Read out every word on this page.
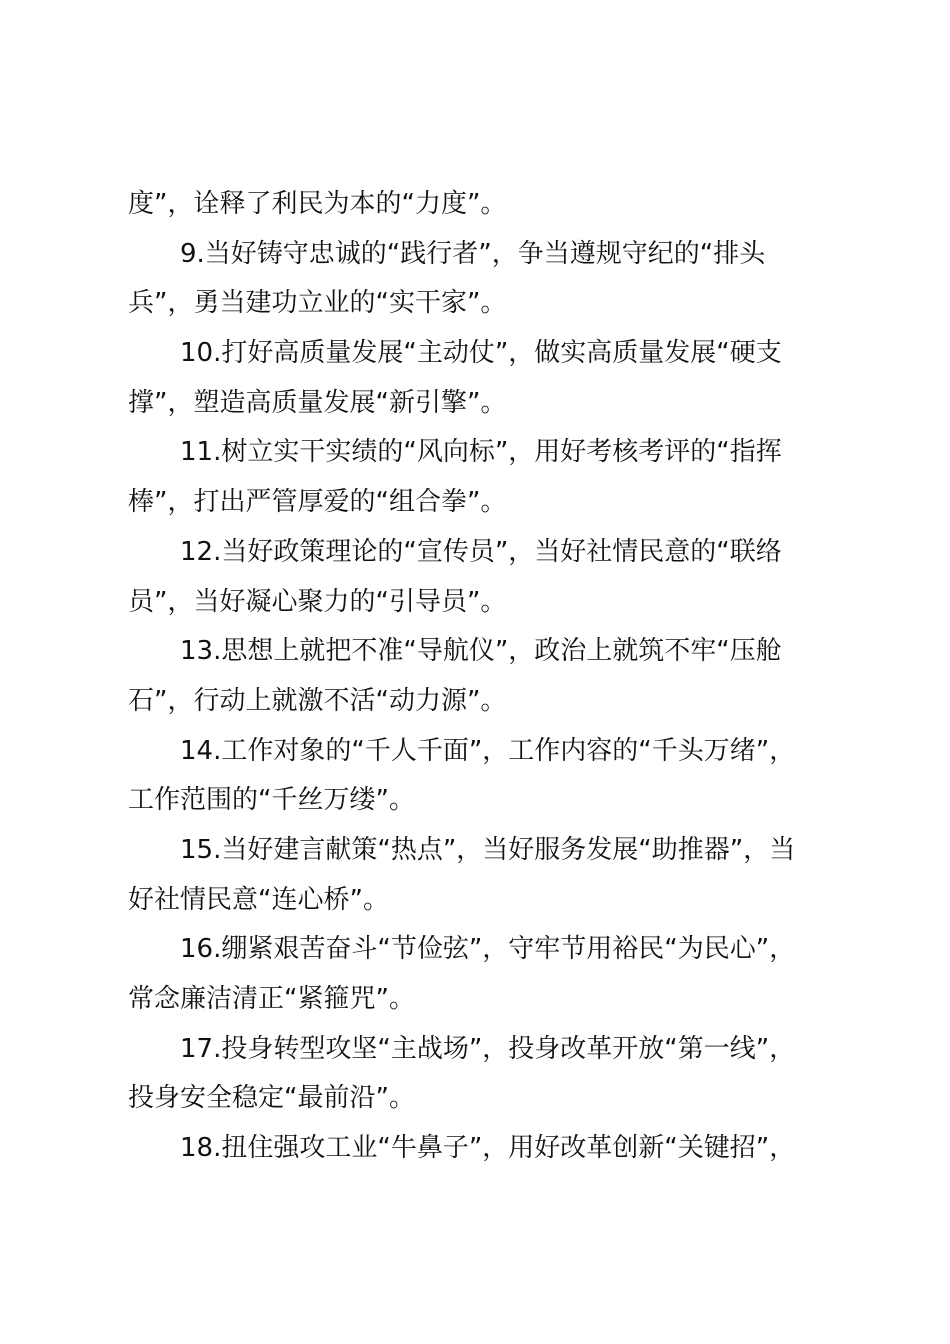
度”，诠释了利民为本的“力度”。
9.当好铸守忠诚的“践行者”，争当遵规守纪的“排头
兵”，勇当建功立业的“实干家”。
10.打好高质量发展“主动仗”，做实高质量发展“硬支
撑”，塑造高质量发展“新引擎”。
11.树立实干实绩的“风向标”，用好考核考评的“指挥
棒”，打出严管厚爱的“组合拳”。
12.当好政策理论的“宣传员”，当好社情民意的“联络
员”，当好凝心聚力的“引导员”。
13.思想上就把不准“导航仪”，政治上就筑不牢“压舱
石”，行动上就激不活“动力源”。
14.工作对象的“千人千面”，工作内容的“千头万绪”，
工作范围的“千丝万缕”。
15.当好建言献策“热点”，当好服务发展“助推器”，当
好社情民意“连心桥”。
16.绷紧艰苦奋斗“节俭弦”，守牢节用裕民“为民心”，
常念廉洁清正“紧箍咒”。
17.投身转型攻坚“主战场”，投身改革开放“第一线”，
投身安全稳定“最前沿”。
18.扭住强攻工业“牛鼻子”，用好改革创新“关键招”，
